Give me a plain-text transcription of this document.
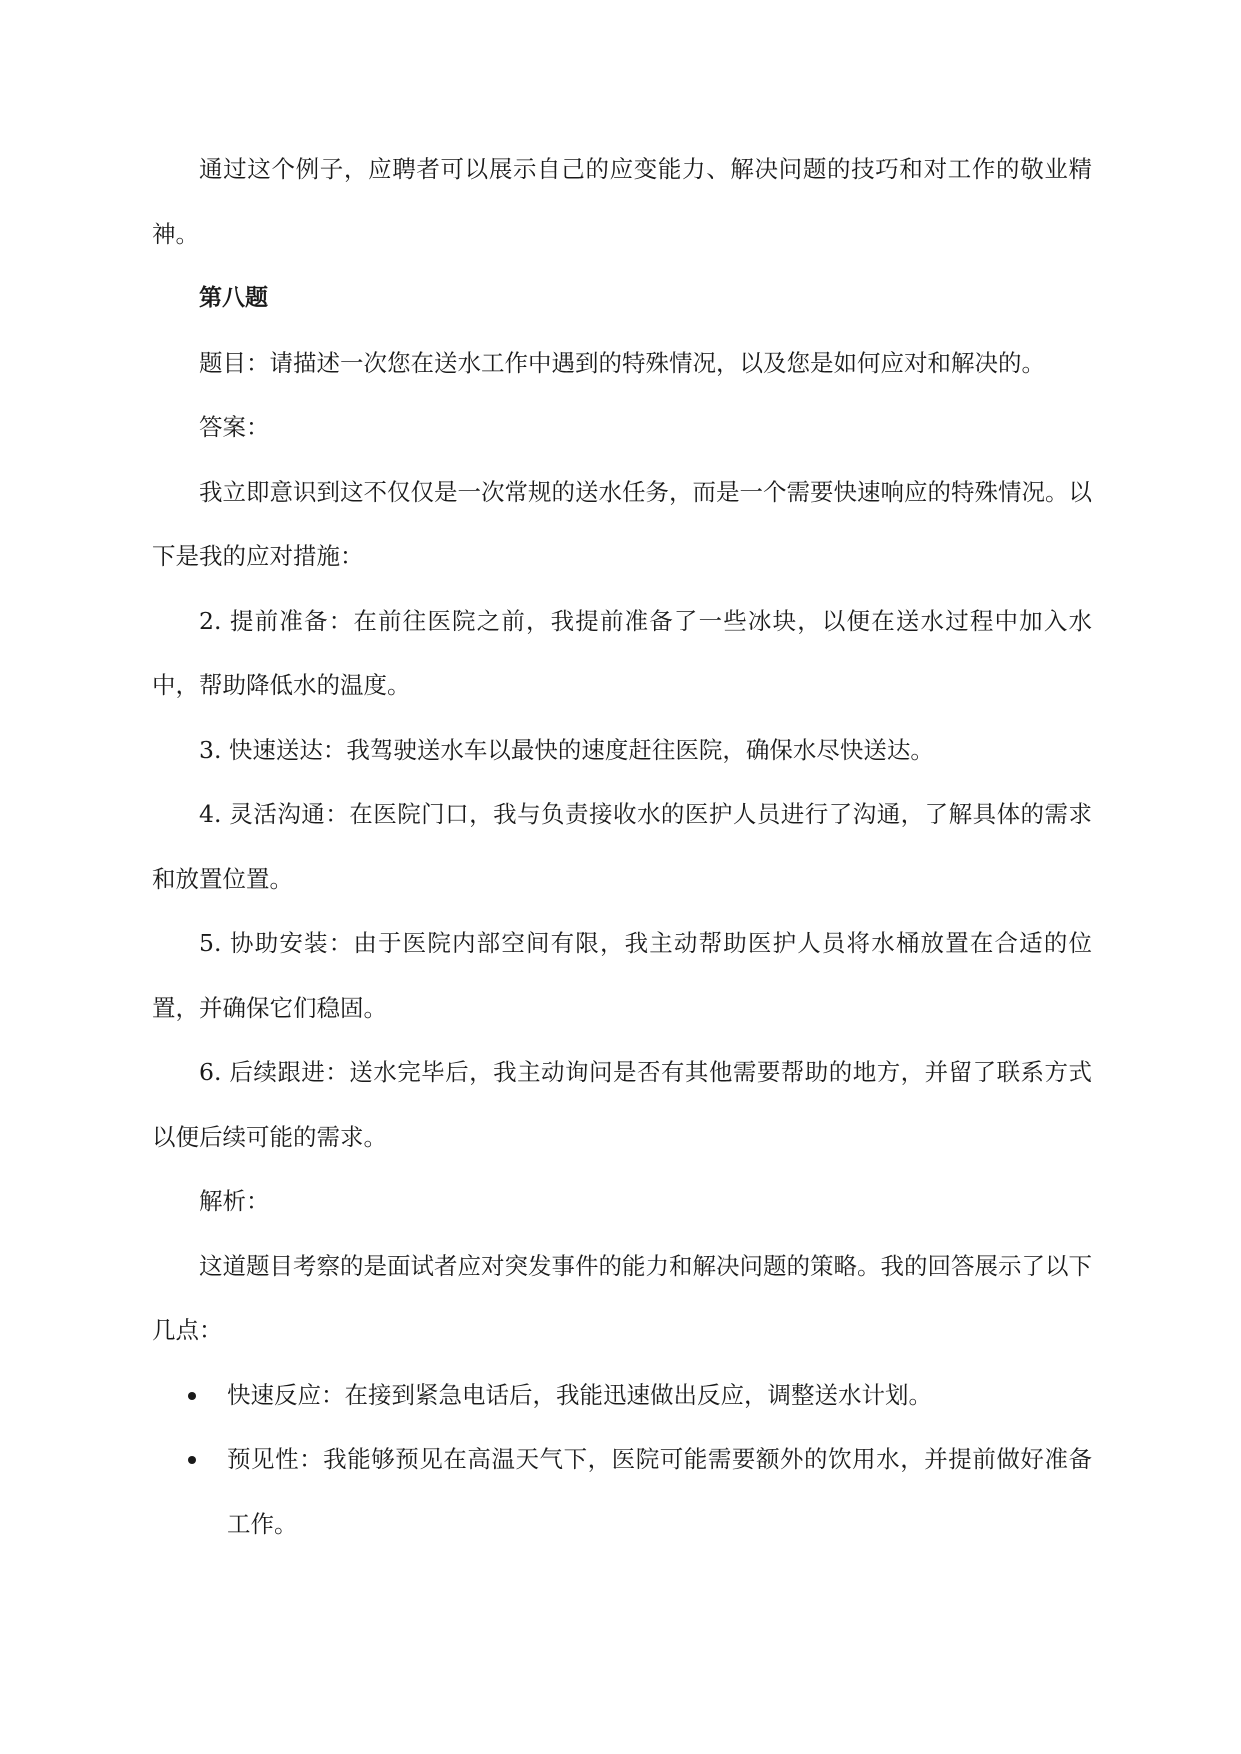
通过这个例子，应聘者可以展示自己的应变能力、解决问题的技巧和对工作的敬业精神。

第八题

题目：请描述一次您在送水工作中遇到的特殊情况，以及您是如何应对和解决的。

答案：

我立即意识到这不仅仅是一次常规的送水任务，而是一个需要快速响应的特殊情况。以下是我的应对措施：

2. 提前准备：在前往医院之前，我提前准备了一些冰块，以便在送水过程中加入水中，帮助降低水的温度。

3. 快速送达：我驾驶送水车以最快的速度赶往医院，确保水尽快送达。

4. 灵活沟通：在医院门口，我与负责接收水的医护人员进行了沟通，了解具体的需求和放置位置。

5. 协助安装：由于医院内部空间有限，我主动帮助医护人员将水桶放置在合适的位置，并确保它们稳固。

6. 后续跟进：送水完毕后，我主动询问是否有其他需要帮助的地方，并留了联系方式以便后续可能的需求。

解析：

这道题目考察的是面试者应对突发事件的能力和解决问题的策略。我的回答展示了以下几点：

快速反应：在接到紧急电话后，我能迅速做出反应，调整送水计划。
预见性：我能够预见在高温天气下，医院可能需要额外的饮用水，并提前做好准备工作。
